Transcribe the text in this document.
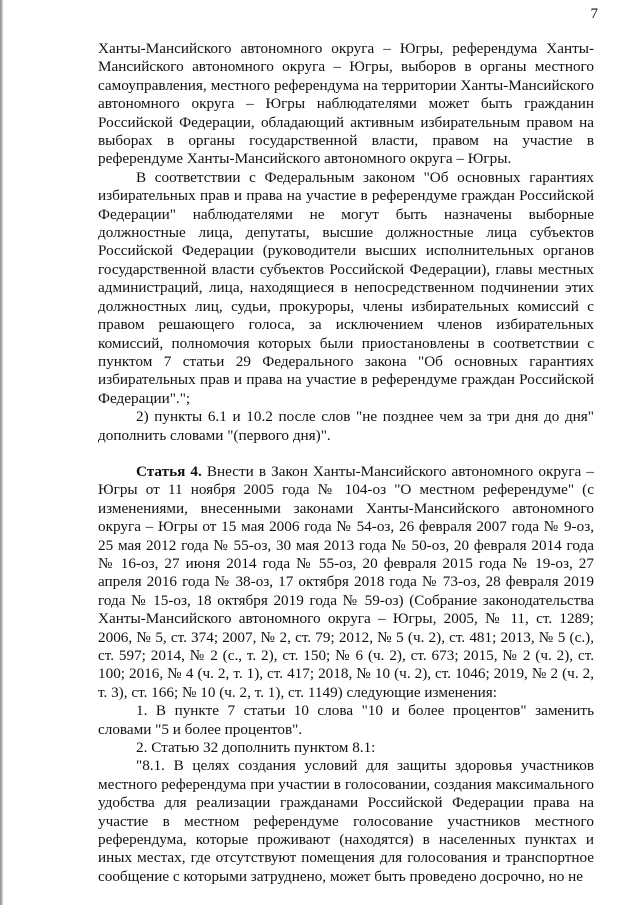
7

Ханты-Мансийского автономного округа – Югры, референдума Ханты-Мансийского автономного округа – Югры, выборов в органы местного самоуправления, местного референдума на территории Ханты-Мансийского автономного округа – Югры наблюдателями может быть гражданин Российской Федерации, обладающий активным избирательным правом на выборах в органы государственной власти, правом на участие в референдуме Ханты-Мансийского автономного округа – Югры.

В соответствии с Федеральным законом "Об основных гарантиях избирательных прав и права на участие в референдуме граждан Российской Федерации" наблюдателями не могут быть назначены выборные должностные лица, депутаты, высшие должностные лица субъектов Российской Федерации (руководители высших исполнительных органов государственной власти субъектов Российской Федерации), главы местных администраций, лица, находящиеся в непосредственном подчинении этих должностных лиц, судьи, прокуроры, члены избирательных комиссий с правом решающего голоса, за исключением членов избирательных комиссий, полномочия которых были приостановлены в соответствии с пунктом 7 статьи 29 Федерального закона "Об основных гарантиях избирательных прав и права на участие в референдуме граждан Российской Федерации".";

2) пункты 6.1 и 10.2 после слов "не позднее чем за три дня до дня" дополнить словами "(первого дня)".

Статья 4. Внести в Закон Ханты-Мансийского автономного округа – Югры от 11 ноября 2005 года № 104-оз "О местном референдуме" (с изменениями, внесенными законами Ханты-Мансийского автономного округа – Югры от 15 мая 2006 года № 54-оз, 26 февраля 2007 года № 9-оз, 25 мая 2012 года № 55-оз, 30 мая 2013 года № 50-оз, 20 февраля 2014 года № 16-оз, 27 июня 2014 года № 55-оз, 20 февраля 2015 года № 19-оз, 27 апреля 2016 года № 38-оз, 17 октября 2018 года № 73-оз, 28 февраля 2019 года № 15-оз, 18 октября 2019 года № 59-оз) (Собрание законодательства Ханты-Мансийского автономного округа – Югры, 2005, № 11, ст. 1289; 2006, № 5, ст. 374; 2007, № 2, ст. 79; 2012, № 5 (ч. 2), ст. 481; 2013, № 5 (с.), ст. 597; 2014, № 2 (с., т. 2), ст. 150; № 6 (ч. 2), ст. 673; 2015, № 2 (ч. 2), ст. 100; 2016, № 4 (ч. 2, т. 1), ст. 417; 2018, № 10 (ч. 2), ст. 1046; 2019, № 2 (ч. 2, т. 3), ст. 166; № 10 (ч. 2, т. 1), ст. 1149) следующие изменения:

1. В пункте 7 статьи 10 слова "10 и более процентов" заменить словами "5 и более процентов".

2. Статью 32 дополнить пунктом 8.1:

"8.1. В целях создания условий для защиты здоровья участников местного референдума при участии в голосовании, создания максимального удобства для реализации гражданами Российской Федерации права на участие в местном референдуме голосование участников местного референдума, которые проживают (находятся) в населенных пунктах и иных местах, где отсутствуют помещения для голосования и транспортное сообщение с которыми затруднено, может быть проведено досрочно, но не
